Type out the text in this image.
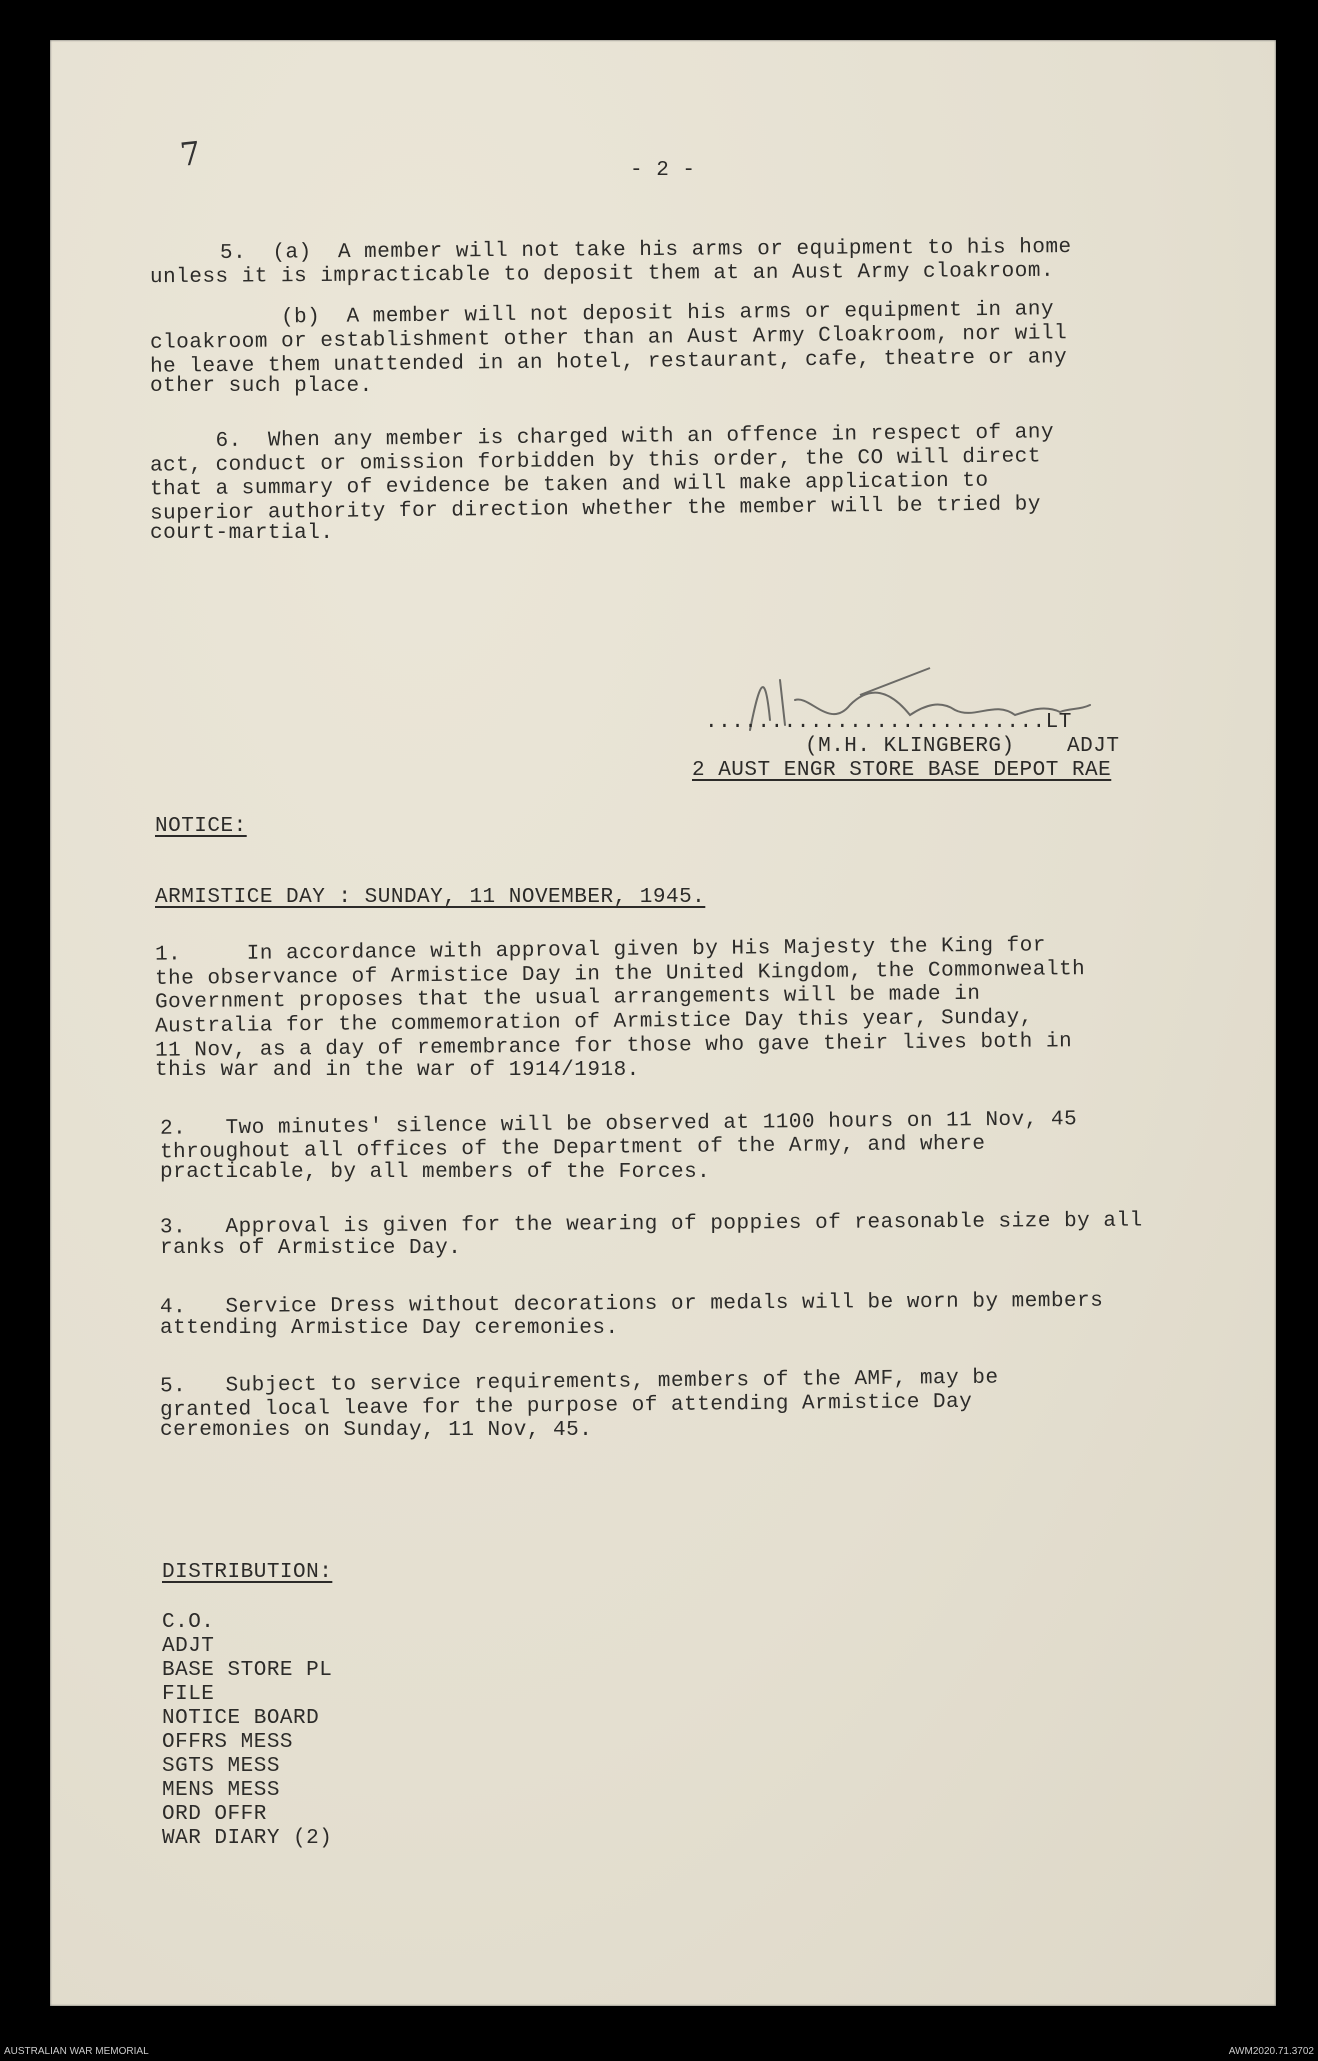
7	- 2 -
5.  (a)  A member will not take his arms or equipment to his home
unless it is impracticable to deposit them at an Aust Army cloakroom.
(b)  A member will not deposit his arms or equipment in any
cloakroom or establishment other than an Aust Army Cloakroom, nor will
he leave them unattended in an hotel, restaurant, cafe, theatre or any
other such place.
6.  When any member is charged with an offence in respect of any
act, conduct or omission forbidden by this order, the CO will direct
that a summary of evidence be taken and will make application to
superior authority for direction whether the member will be tried by
court-martial.
..........................LT
(M.H. KLINGBERG)    ADJT
2 AUST ENGR STORE BASE DEPOT RAE
NOTICE:
ARMISTICE DAY : SUNDAY, 11 NOVEMBER, 1945.
1.     In accordance with approval given by His Majesty the King for
the observance of Armistice Day in the United Kingdom, the Commonwealth
Government proposes that the usual arrangements will be made in
Australia for the commemoration of Armistice Day this year, Sunday,
11 Nov, as a day of remembrance for those who gave their lives both in
this war and in the war of 1914/1918.
2.   Two minutes' silence will be observed at 1100 hours on 11 Nov, 45
throughout all offices of the Department of the Army, and where
practicable, by all members of the Forces.
3.   Approval is given for the wearing of poppies of reasonable size by all
ranks of Armistice Day.
4.   Service Dress without decorations or medals will be worn by members
attending Armistice Day ceremonies.
5.   Subject to service requirements, members of the AMF, may be
granted local leave for the purpose of attending Armistice Day
ceremonies on Sunday, 11 Nov, 45.
DISTRIBUTION:
C.O.
ADJT
BASE STORE PL
FILE
NOTICE BOARD
OFFRS MESS
SGTS MESS
MENS MESS
ORD OFFR
WAR DIARY (2)
AUSTRALIAN WAR MEMORIAL	AWM2020.71.3702
